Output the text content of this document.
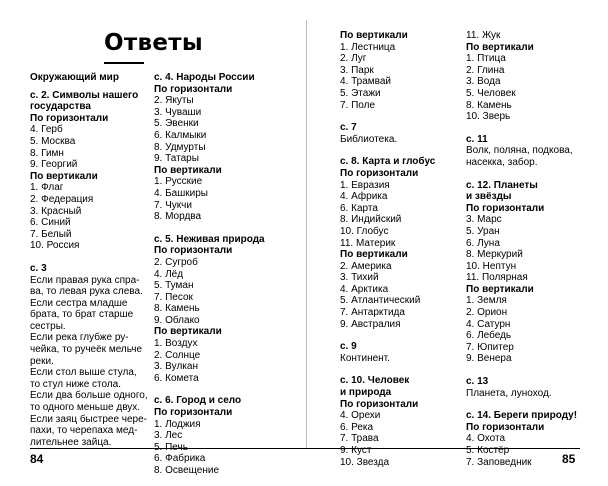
Ответы
Окружающий мир
с. 2. Символы нашего
государства
По горизонтали
4. Герб
5. Москва
8. Гимн
9. Георгий
По вертикали
1. Флаг
2. Федерация
3. Красный
6. Синий
7. Белый
10. Россия
с. 3
Если правая рука спра-
ва, то левая рука слева.
Если сестра младше
брата, то брат старше
сестры.
Если река глубже ру-
чейка, то ручеёк мельче
реки.
Если стол выше стула,
то стул ниже стола.
Если два больше одного,
то одного меньше двух.
Если заяц быстрее чере-
пахи, то черепаха мед-
лительнее зайца.
с. 4. Народы России
По горизонтали
2. Якуты
3. Чуваши
5. Эвенки
6. Калмыки
8. Удмурты
9. Татары
По вертикали
1. Русские
4. Башкиры
7. Чукчи
8. Мордва
с. 5. Неживая природа
По горизонтали
2. Сугроб
4. Лёд
5. Туман
7. Песок
8. Камень
9. Облако
По вертикали
1. Воздух
2. Солнце
3. Вулкан
6. Комета
с. 6. Город и село
По горизонтали
1. Лоджия
3. Лес
5. Печь
6. Фабрика
8. Освещение
По вертикали
1. Лестница
2. Луг
3. Парк
4. Трамвай
5. Этажи
7. Поле
с. 7
Библиотека.
с. 8. Карта и глобус
По горизонтали
1. Евразия
4. Африка
6. Карта
8. Индийский
10. Глобус
11. Материк
По вертикали
2. Америка
3. Тихий
4. Арктика
5. Атлантический
7. Антарктида
9. Австралия
с. 9
Континент.
с. 10. Человек
и природа
По горизонтали
4. Орехи
6. Река
7. Трава
9. Куст
10. Звезда
11. Жук
По вертикали
1. Птица
2. Глина
3. Вода
5. Человек
8. Камень
10. Зверь
с. 11
Волк, поляна, подкова,
насекка, забор.
с. 12. Планеты
и звёзды
По горизонтали
3. Марс
5. Уран
6. Луна
8. Меркурий
10. Нептун
11. Полярная
По вертикали
1. Земля
2. Орион
4. Сатурн
6. Лебедь
7. Юпитер
9. Венера
с. 13
Планета, луноход.
с. 14. Береги природу!
По горизонтали
4. Охота
5. Костёр
7. Заповедник
84	85
